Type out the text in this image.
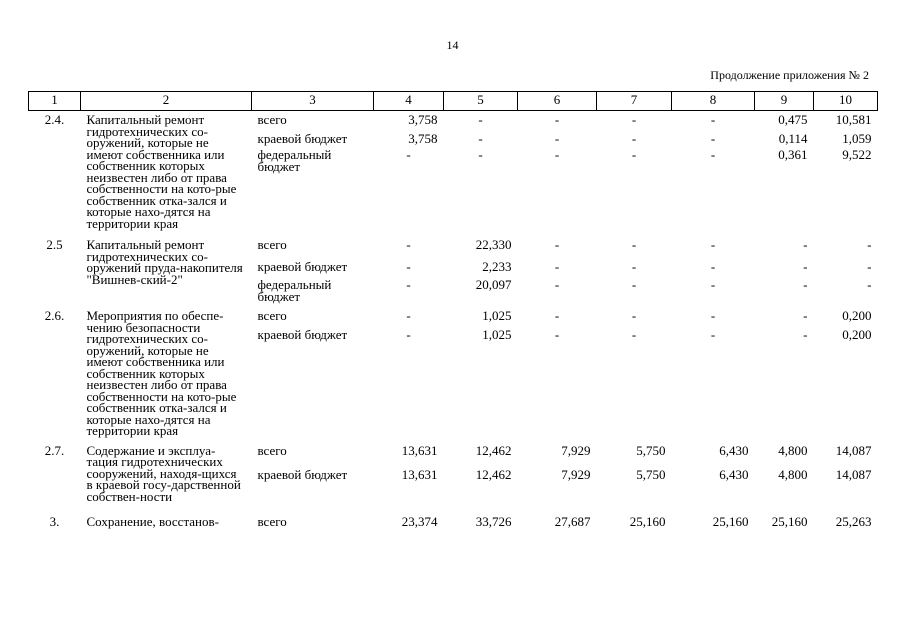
14
Продолжение приложения № 2
1	2	3	4	5	6	7	8	9	10
2.4.	Капитальный ремонт гидротехнических со-оружений, которые не имеют собственника или собственник которых неизвестен либо от права собственности на кото-рые собственник отка-зался и которые нахо-дятся на территории края	всего	3,758	-	-	-	-	0,475	10,581

		краевой бюджет	3,758	-	-	-	-	0,114	1,059

		федеральный бюджет	-	-	-	-	-	0,361	9,522
2.5	Капитальный ремонт гидротехнических со-оружений пруда-накопителя "Вишнев-ский-2"	всего	-	22,330	-	-	-	-	-

		краевой бюджет	-	2,233	-	-	-	-	-

		федеральный бюджет	-	20,097	-	-	-	-	-
2.6.	Мероприятия по обеспе-чению безопасности гидротехнических со-оружений, которые не имеют собственника или собственник которых неизвестен либо от права собственности на кото-рые собственник отка-зался и которые нахо-дятся на территории края	всего	-	1,025	-	-	-	-	0,200

		краевой бюджет	-	1,025	-	-	-	-	0,200
2.7.	Содержание и эксплуа-тация гидротехнических сооружений, находя-щихся в краевой госу-дарственной собствен-ности	всего	13,631	12,462	7,929	5,750	6,430	4,800	14,087

		краевой бюджет	13,631	12,462	7,929	5,750	6,430	4,800	14,087
3.	Сохранение, восстанов-	всего	23,374	33,726	27,687	25,160	25,160	25,160	25,263
